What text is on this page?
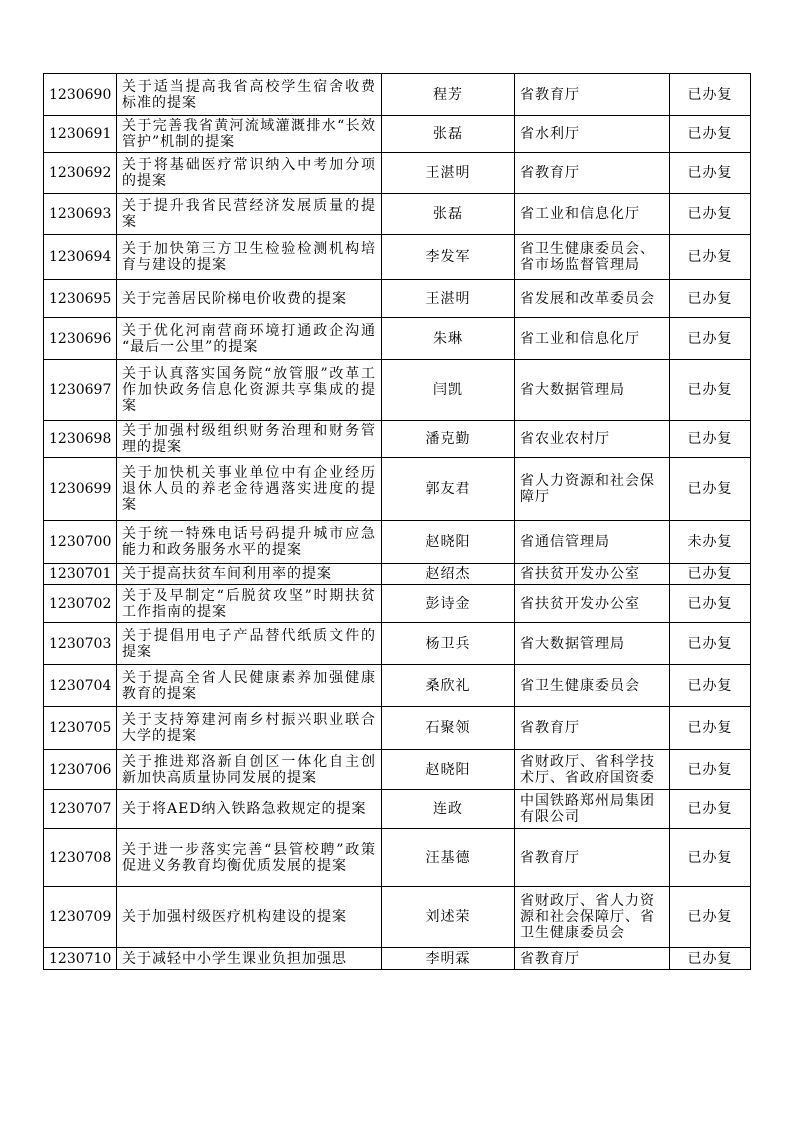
1230690	关于适当提高我省高校学生宿舍收费标准的提案	程芳	省教育厅	已办复
1230691	关于完善我省黄河流域灌溉排水“长效管护”机制的提案	张磊	省水利厅	已办复
1230692	关于将基础医疗常识纳入中考加分项的提案	王湛明	省教育厅	已办复
1230693	关于提升我省民营经济发展质量的提案	张磊	省工业和信息化厅	已办复
1230694	关于加快第三方卫生检验检测机构培育与建设的提案	李发军	省卫生健康委员会、省市场监督管理局	已办复
1230695	关于完善居民阶梯电价收费的提案	王湛明	省发展和改革委员会	已办复
1230696	关于优化河南营商环境打通政企沟通 “最后一公里”的提案	朱琳	省工业和信息化厅	已办复
1230697	关于认真落实国务院“放管服”改革工作加快政务信息化资源共享集成的提案	闫凯	省大数据管理局	已办复
1230698	关于加强村级组织财务治理和财务管理的提案	潘克勤	省农业农村厅	已办复
1230699	关于加快机关事业单位中有企业经历退休人员的养老金待遇落实进度的提案	郭友君	省人力资源和社会保障厅	已办复
1230700	关于统一特殊电话号码提升城市应急能力和政务服务水平的提案	赵晓阳	省通信管理局	未办复
1230701	关于提高扶贫车间利用率的提案	赵绍杰	省扶贫开发办公室	已办复
1230702	关于及早制定“后脱贫攻坚”时期扶贫工作指南的提案	彭诗金	省扶贫开发办公室	已办复
1230703	关于提倡用电子产品替代纸质文件的提案	杨卫兵	省大数据管理局	已办复
1230704	关于提高全省人民健康素养加强健康教育的提案	桑欣礼	省卫生健康委员会	已办复
1230705	关于支持筹建河南乡村振兴职业联合大学的提案	石聚领	省教育厅	已办复
1230706	关于推进郑洛新自创区一体化自主创新加快高质量协同发展的提案	赵晓阳	省财政厅、省科学技术厅、省政府国资委	已办复
1230707	关于将AED纳入铁路急救规定的提案	连政	中国铁路郑州局集团有限公司	已办复
1230708	关于进一步落实完善“县管校聘”政策促进义务教育均衡优质发展的提案	汪基德	省教育厅	已办复
1230709	关于加强村级医疗机构建设的提案	刘述荣	省财政厅、省人力资源和社会保障厅、省卫生健康委员会	已办复
1230710	关于减轻中小学生课业负担加强思	李明霖	省教育厅	已办复
